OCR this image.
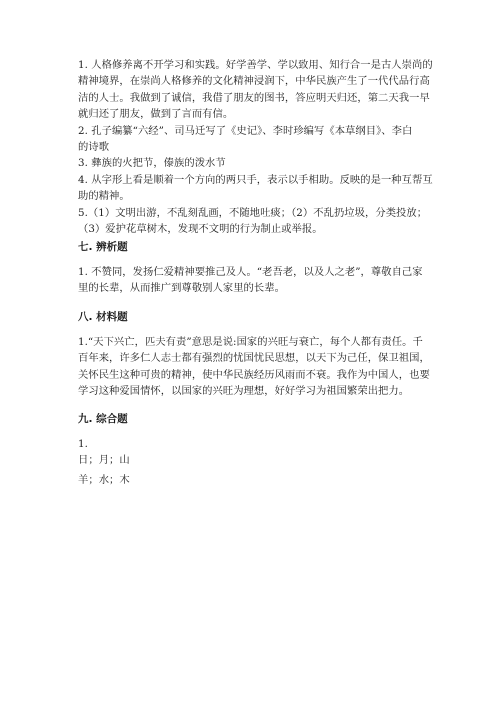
1. 人格修养离不开学习和实践。好学善学、学以致用、知行合一是古人崇尚的
精神境界，在崇尚人格修养的文化精神浸润下，中华民族产生了一代代品行高
洁的人士。我做到了诚信，我借了朋友的图书，答应明天归还，第二天我一早
就归还了朋友，做到了言而有信。
2. 孔子编纂“六经”、司马迁写了《史记》、李时珍编写《本草纲目》、李白
的诗歌
3. 彝族的火把节，傣族的泼水节
4. 从字形上看是顺着一个方向的两只手，表示以手相助。反映的是一种互帮互
助的精神。
5.（1）文明出游，不乱刻乱画，不随地吐痰；（2）不乱扔垃圾，分类投放；
（3）爱护花草树木，发现不文明的行为制止或举报。
七. 辨析题
1. 不赞同，发扬仁爱精神要推己及人。“老吾老，以及人之老”，尊敬自己家
里的长辈，从而推广到尊敬别人家里的长辈。
八. 材料题
1.“天下兴亡，匹夫有责”意思是说:国家的兴旺与衰亡，每个人都有责任。千
百年来，许多仁人志士都有强烈的忧国忧民思想，以天下为己任，保卫祖国，
关怀民生这种可贵的精神，使中华民族经历风雨而不衰。我作为中国人，也要
学习这种爱国情怀，以国家的兴旺为理想，好好学习为祖国繁荣出把力。
九. 综合题
1.
日；月；山
羊；水；木
